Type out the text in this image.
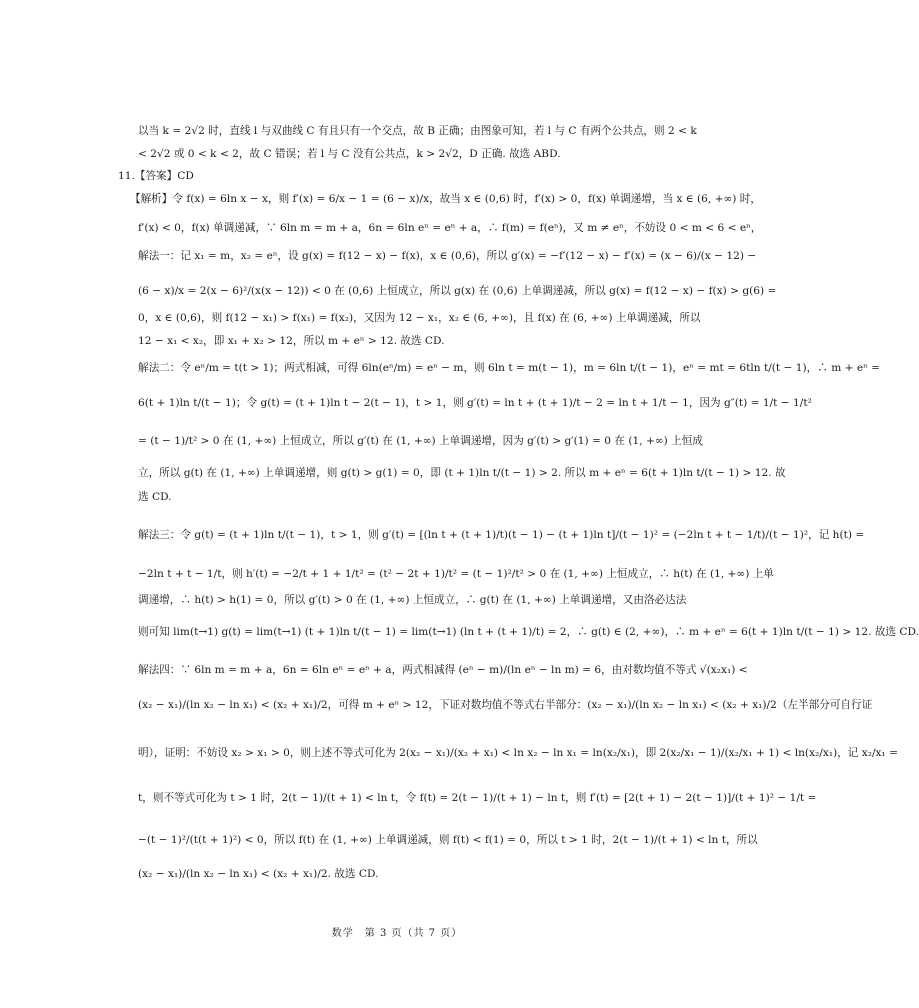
以当 k = 2√2 时，直线 l 与双曲线 C 有且只有一个交点，故 B 正确；由图象可知，若 l 与 C 有两个公共点，则 2 < k
< 2√2 或 0 < k < 2，故 C 错误；若 l 与 C 没有公共点，k > 2√2，D 正确. 故选 ABD.
11.【答案】CD
【解析】令 f(x) = 6ln x − x，则 f′(x) = 6/x − 1 = (6 − x)/x，故当 x ∈ (0,6) 时，f′(x) > 0，f(x) 单调递增，当 x ∈ (6, +∞) 时，
f′(x) < 0，f(x) 单调递减，∵ 6ln m = m + a，6n = 6ln eⁿ = eⁿ + a，∴ f(m) = f(eⁿ)，又 m ≠ eⁿ，不妨设 0 < m < 6 < eⁿ，
解法一：记 x₁ = m，x₂ = eⁿ，设 g(x) = f(12 − x) − f(x)，x ∈ (0,6)，所以 g′(x) = −f′(12 − x) − f′(x) = (x − 6)/(x − 12) −
(6 − x)/x = 2(x − 6)²/(x(x − 12)) < 0 在 (0,6) 上恒成立，所以 g(x) 在 (0,6) 上单调递减，所以 g(x) = f(12 − x) − f(x) > g(6) =
0，x ∈ (0,6)，则 f(12 − x₁) > f(x₁) = f(x₂)，又因为 12 − x₁，x₂ ∈ (6, +∞)，且 f(x) 在 (6, +∞) 上单调递减，所以
12 − x₁ < x₂，即 x₁ + x₂ > 12，所以 m + eⁿ > 12. 故选 CD.
解法二：令 eⁿ/m = t(t > 1)；两式相减，可得 6ln(eⁿ/m) = eⁿ − m，则 6ln t = m(t − 1)，m = 6ln t/(t − 1)，eⁿ = mt = 6tln t/(t − 1)，∴ m + eⁿ =
6(t + 1)ln t/(t − 1)；令 g(t) = (t + 1)ln t − 2(t − 1)，t > 1，则 g′(t) = ln t + (t + 1)/t − 2 = ln t + 1/t − 1，因为 g″(t) = 1/t − 1/t²
= (t − 1)/t² > 0 在 (1, +∞) 上恒成立，所以 g′(t) 在 (1, +∞) 上单调递增，因为 g′(t) > g′(1) = 0 在 (1, +∞) 上恒成
立，所以 g(t) 在 (1, +∞) 上单调递增，则 g(t) > g(1) = 0，即 (t + 1)ln t/(t − 1) > 2. 所以 m + eⁿ = 6(t + 1)ln t/(t − 1) > 12. 故
选 CD.
解法三：令 g(t) = (t + 1)ln t/(t − 1)，t > 1，则 g′(t) = [(ln t + (t + 1)/t)(t − 1) − (t + 1)ln t]/(t − 1)² = (−2ln t + t − 1/t)/(t − 1)²，记 h(t) =
−2ln t + t − 1/t，则 h′(t) = −2/t + 1 + 1/t² = (t² − 2t + 1)/t² = (t − 1)²/t² > 0 在 (1, +∞) 上恒成立，∴ h(t) 在 (1, +∞) 上单
调递增，∴ h(t) > h(1) = 0，所以 g′(t) > 0 在 (1, +∞) 上恒成立，∴ g(t) 在 (1, +∞) 上单调递增，又由洛必达法
则可知 lim(t→1) g(t) = lim(t→1) (t + 1)ln t/(t − 1) = lim(t→1) (ln t + (t + 1)/t) = 2，∴ g(t) ∈ (2, +∞)，∴ m + eⁿ = 6(t + 1)ln t/(t − 1) > 12. 故选 CD.
解法四：∵ 6ln m = m + a，6n = 6ln eⁿ = eⁿ + a，两式相减得 (eⁿ − m)/(ln eⁿ − ln m) = 6，由对数均值不等式 √(x₂x₁) <
(x₂ − x₁)/(ln x₂ − ln x₁) < (x₂ + x₁)/2，可得 m + eⁿ > 12，下证对数均值不等式右半部分：(x₂ − x₁)/(ln x₂ − ln x₁) < (x₂ + x₁)/2（左半部分可自行证
明），证明：不妨设 x₂ > x₁ > 0，则上述不等式可化为 2(x₂ − x₁)/(x₂ + x₁) < ln x₂ − ln x₁ = ln(x₂/x₁)，即 2(x₂/x₁ − 1)/(x₂/x₁ + 1) < ln(x₂/x₁)，记 x₂/x₁ =
t，则不等式可化为 t > 1 时，2(t − 1)/(t + 1) < ln t，令 f(t) = 2(t − 1)/(t + 1) − ln t，则 f′(t) = [2(t + 1) − 2(t − 1)]/(t + 1)² − 1/t =
−(t − 1)²/(t(t + 1)²) < 0，所以 f(t) 在 (1, +∞) 上单调递减，则 f(t) < f(1) = 0，所以 t > 1 时，2(t − 1)/(t + 1) < ln t，所以
(x₂ − x₁)/(ln x₂ − ln x₁) < (x₂ + x₁)/2. 故选 CD.
数学　第 3 页（共 7 页）
